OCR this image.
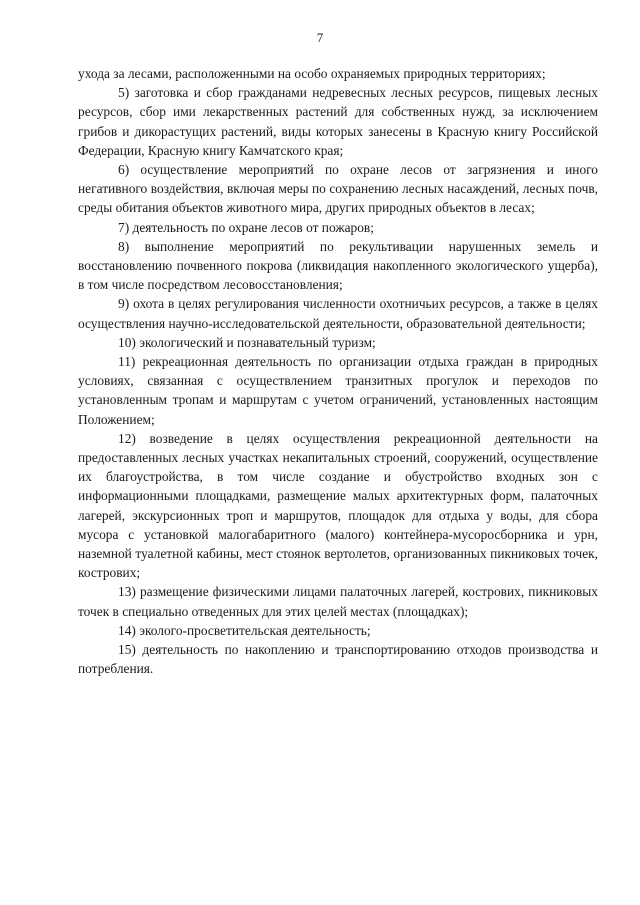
7

ухода за лесами, расположенными на особо охраняемых природных территориях;

5) заготовка и сбор гражданами недревесных лесных ресурсов, пищевых лесных ресурсов, сбор ими лекарственных растений для собственных нужд, за исключением грибов и дикорастущих растений, виды которых занесены в Красную книгу Российской Федерации, Красную книгу Камчатского края;

6) осуществление мероприятий по охране лесов от загрязнения и иного негативного воздействия, включая меры по сохранению лесных насаждений, лесных почв, среды обитания объектов животного мира, других природных объектов в лесах;

7) деятельность по охране лесов от пожаров;

8) выполнение мероприятий по рекультивации нарушенных земель и восстановлению почвенного покрова (ликвидация накопленного экологического ущерба), в том числе посредством лесовосстановления;

9) охота в целях регулирования численности охотничьих ресурсов, а также в целях осуществления научно-исследовательской деятельности, образовательной деятельности;

10) экологический и познавательный туризм;

11) рекреационная деятельность по организации отдыха граждан в природных условиях, связанная с осуществлением транзитных прогулок и переходов по установленным тропам и маршрутам с учетом ограничений, установленных настоящим Положением;

12) возведение в целях осуществления рекреационной деятельности на предоставленных лесных участках некапитальных строений, сооружений, осуществление их благоустройства, в том числе создание и обустройство входных зон с информационными площадками, размещение малых архитектурных форм, палаточных лагерей, экскурсионных троп и маршрутов, площадок для отдыха у воды, для сбора мусора с установкой малогабаритного (малого) контейнера-мусоросборника и урн, наземной туалетной кабины, мест стоянок вертолетов, организованных пикниковых точек, кострових;

13) размещение физическими лицами палаточных лагерей, кострових, пикниковых точек в специально отведенных для этих целей местах (площадках);

14) эколого-просветительская деятельность;

15) деятельность по накоплению и транспортированию отходов производства и потребления.
